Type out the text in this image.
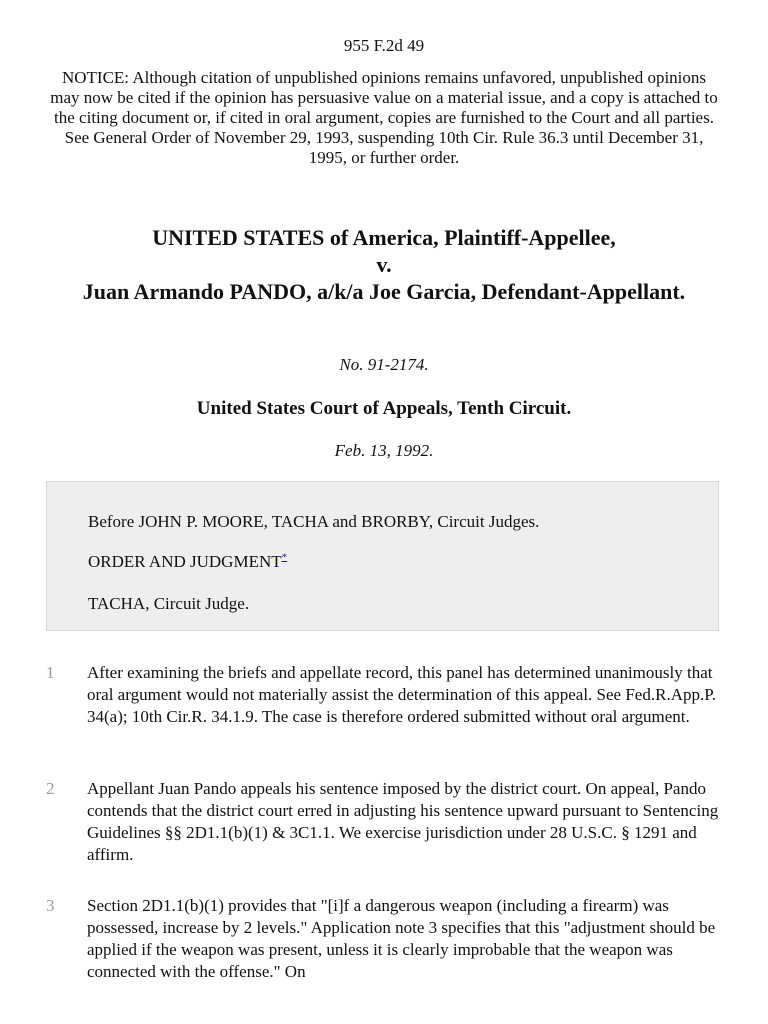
955 F.2d 49
NOTICE: Although citation of unpublished opinions remains unfavored, unpublished opinions may now be cited if the opinion has persuasive value on a material issue, and a copy is attached to the citing document or, if cited in oral argument, copies are furnished to the Court and all parties. See General Order of November 29, 1993, suspending 10th Cir. Rule 36.3 until December 31, 1995, or further order.
UNITED STATES of America, Plaintiff-Appellee,
v.
Juan Armando PANDO, a/k/a Joe Garcia, Defendant-Appellant.
No. 91-2174.
United States Court of Appeals, Tenth Circuit.
Feb. 13, 1992.
Before JOHN P. MOORE, TACHA and BRORBY, Circuit Judges.
ORDER AND JUDGMENT*
TACHA, Circuit Judge.
1 After examining the briefs and appellate record, this panel has determined unanimously that oral argument would not materially assist the determination of this appeal. See Fed.R.App.P. 34(a); 10th Cir.R. 34.1.9. The case is therefore ordered submitted without oral argument.
2 Appellant Juan Pando appeals his sentence imposed by the district court. On appeal, Pando contends that the district court erred in adjusting his sentence upward pursuant to Sentencing Guidelines §§ 2D1.1(b)(1) & 3C1.1. We exercise jurisdiction under 28 U.S.C. § 1291 and affirm.
3 Section 2D1.1(b)(1) provides that "[i]f a dangerous weapon (including a firearm) was possessed, increase by 2 levels." Application note 3 specifies that this "adjustment should be applied if the weapon was present, unless it is clearly improbable that the weapon was connected with the offense." On
